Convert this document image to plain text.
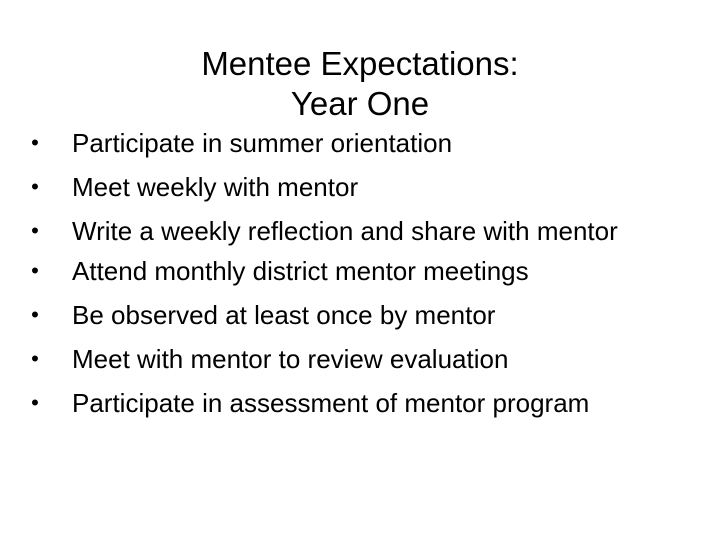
Mentee Expectations:
Year One
• Participate in summer orientation
• Meet weekly with mentor
• Write a weekly reflection and share with mentor
• Attend monthly district mentor meetings
• Be observed at least once by mentor
• Meet with mentor to review evaluation
• Participate in assessment of mentor program
